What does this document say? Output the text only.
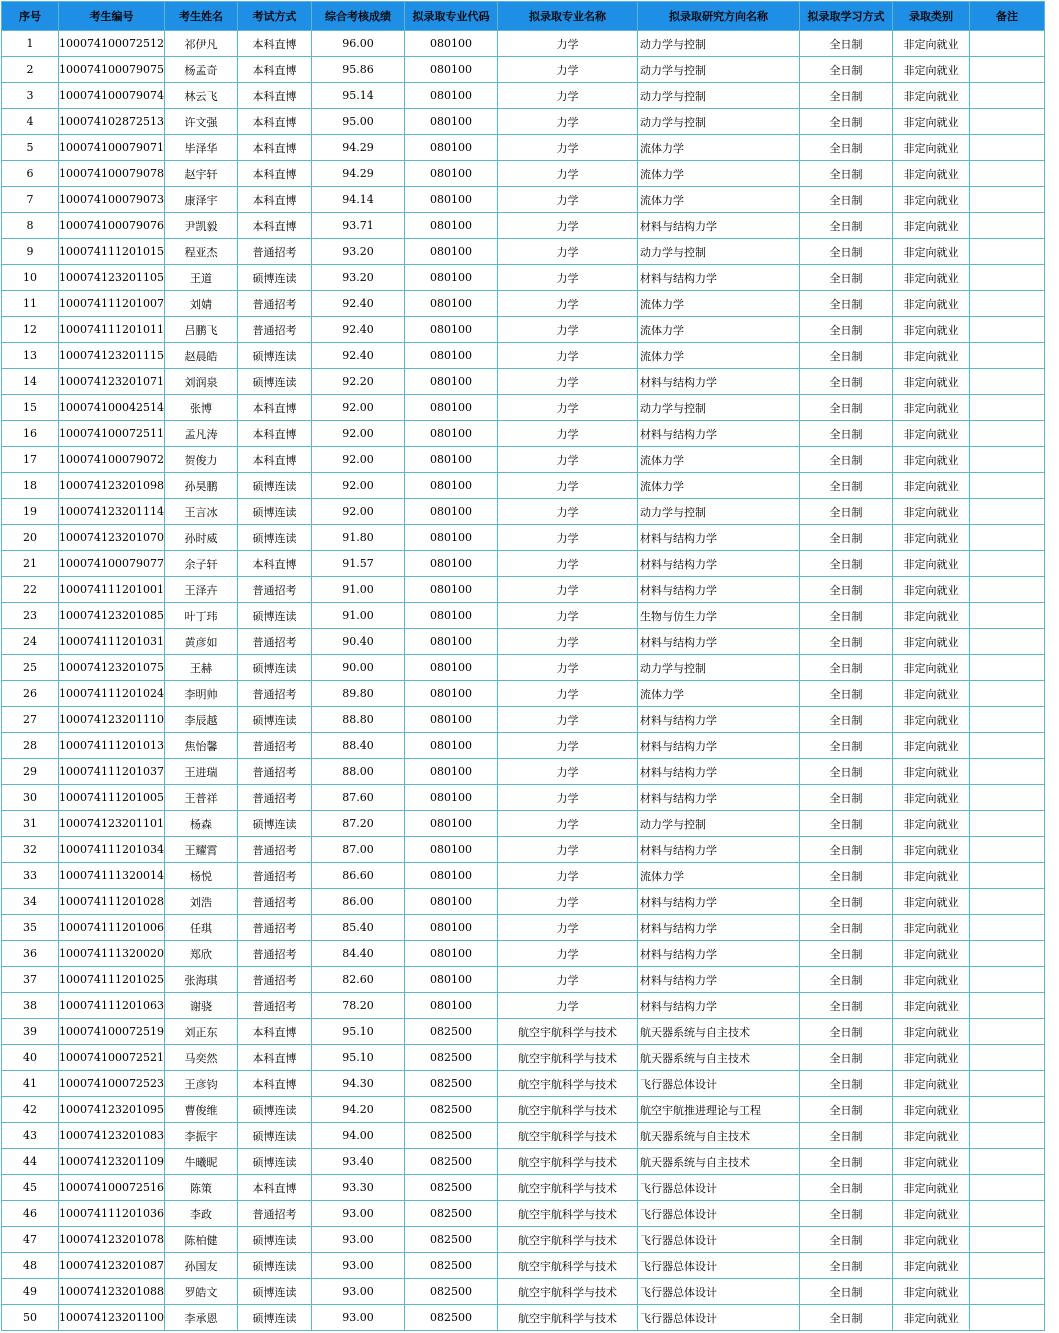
序号	考生编号	考生姓名	考试方式	综合考核成绩	拟录取专业代码	拟录取专业名称	拟录取研究方向名称	拟录取学习方式	录取类别	备注
1	100074100072512	祁伊凡	本科直博	96.00	080100	力学	动力学与控制	全日制	非定向就业	
2	100074100079075	杨孟奇	本科直博	95.86	080100	力学	动力学与控制	全日制	非定向就业	
3	100074100079074	林云飞	本科直博	95.14	080100	力学	动力学与控制	全日制	非定向就业	
4	100074102872513	许文强	本科直博	95.00	080100	力学	动力学与控制	全日制	非定向就业	
5	100074100079071	毕泽华	本科直博	94.29	080100	力学	流体力学	全日制	非定向就业	
6	100074100079078	赵宇轩	本科直博	94.29	080100	力学	流体力学	全日制	非定向就业	
7	100074100079073	康泽宇	本科直博	94.14	080100	力学	流体力学	全日制	非定向就业	
8	100074100079076	尹凯毅	本科直博	93.71	080100	力学	材料与结构力学	全日制	非定向就业	
9	100074111201015	程亚杰	普通招考	93.20	080100	力学	动力学与控制	全日制	非定向就业	
10	100074123201105	王道	硕博连读	93.20	080100	力学	材料与结构力学	全日制	非定向就业	
11	100074111201007	刘婧	普通招考	92.40	080100	力学	流体力学	全日制	非定向就业	
12	100074111201011	吕鹏飞	普通招考	92.40	080100	力学	流体力学	全日制	非定向就业	
13	100074123201115	赵晨皓	硕博连读	92.40	080100	力学	流体力学	全日制	非定向就业	
14	100074123201071	刘润泉	硕博连读	92.20	080100	力学	材料与结构力学	全日制	非定向就业	
15	100074100042514	张博	本科直博	92.00	080100	力学	动力学与控制	全日制	非定向就业	
16	100074100072511	孟凡涛	本科直博	92.00	080100	力学	材料与结构力学	全日制	非定向就业	
17	100074100079072	贺俊力	本科直博	92.00	080100	力学	流体力学	全日制	非定向就业	
18	100074123201098	孙昊鹏	硕博连读	92.00	080100	力学	流体力学	全日制	非定向就业	
19	100074123201114	王言冰	硕博连读	92.00	080100	力学	动力学与控制	全日制	非定向就业	
20	100074123201070	孙时威	硕博连读	91.80	080100	力学	材料与结构力学	全日制	非定向就业	
21	100074100079077	余子轩	本科直博	91.57	080100	力学	材料与结构力学	全日制	非定向就业	
22	100074111201001	王泽卉	普通招考	91.00	080100	力学	材料与结构力学	全日制	非定向就业	
23	100074123201085	叶丁玮	硕博连读	91.00	080100	力学	生物与仿生力学	全日制	非定向就业	
24	100074111201031	黄彦如	普通招考	90.40	080100	力学	材料与结构力学	全日制	非定向就业	
25	100074123201075	王赫	硕博连读	90.00	080100	力学	动力学与控制	全日制	非定向就业	
26	100074111201024	李明帅	普通招考	89.80	080100	力学	流体力学	全日制	非定向就业	
27	100074123201110	李辰越	硕博连读	88.80	080100	力学	材料与结构力学	全日制	非定向就业	
28	100074111201013	焦怡馨	普通招考	88.40	080100	力学	材料与结构力学	全日制	非定向就业	
29	100074111201037	王进瑞	普通招考	88.00	080100	力学	材料与结构力学	全日制	非定向就业	
30	100074111201005	王普祥	普通招考	87.60	080100	力学	材料与结构力学	全日制	非定向就业	
31	100074123201101	杨森	硕博连读	87.20	080100	力学	动力学与控制	全日制	非定向就业	
32	100074111201034	王耀霄	普通招考	87.00	080100	力学	材料与结构力学	全日制	非定向就业	
33	100074111320014	杨悦	普通招考	86.60	080100	力学	流体力学	全日制	非定向就业	
34	100074111201028	刘浩	普通招考	86.00	080100	力学	材料与结构力学	全日制	非定向就业	
35	100074111201006	任琪	普通招考	85.40	080100	力学	材料与结构力学	全日制	非定向就业	
36	100074111320020	郑欣	普通招考	84.40	080100	力学	材料与结构力学	全日制	非定向就业	
37	100074111201025	张海琪	普通招考	82.60	080100	力学	材料与结构力学	全日制	非定向就业	
38	100074111201063	谢骁	普通招考	78.20	080100	力学	材料与结构力学	全日制	非定向就业	
39	100074100072519	刘正东	本科直博	95.10	082500	航空宇航科学与技术	航天器系统与自主技术	全日制	非定向就业	
40	100074100072521	马奕然	本科直博	95.10	082500	航空宇航科学与技术	航天器系统与自主技术	全日制	非定向就业	
41	100074100072523	王彦钧	本科直博	94.30	082500	航空宇航科学与技术	飞行器总体设计	全日制	非定向就业	
42	100074123201095	曹俊维	硕博连读	94.20	082500	航空宇航科学与技术	航空宇航推进理论与工程	全日制	非定向就业	
43	100074123201083	李振宇	硕博连读	94.00	082500	航空宇航科学与技术	航天器系统与自主技术	全日制	非定向就业	
44	100074123201109	牛曦昵	硕博连读	93.40	082500	航空宇航科学与技术	航天器系统与自主技术	全日制	非定向就业	
45	100074100072516	陈策	本科直博	93.30	082500	航空宇航科学与技术	飞行器总体设计	全日制	非定向就业	
46	100074111201036	李政	普通招考	93.00	082500	航空宇航科学与技术	飞行器总体设计	全日制	非定向就业	
47	100074123201078	陈柏健	硕博连读	93.00	082500	航空宇航科学与技术	飞行器总体设计	全日制	非定向就业	
48	100074123201087	孙国友	硕博连读	93.00	082500	航空宇航科学与技术	飞行器总体设计	全日制	非定向就业	
49	100074123201088	罗皓文	硕博连读	93.00	082500	航空宇航科学与技术	飞行器总体设计	全日制	非定向就业	
50	100074123201100	李承恩	硕博连读	93.00	082500	航空宇航科学与技术	飞行器总体设计	全日制	非定向就业	
